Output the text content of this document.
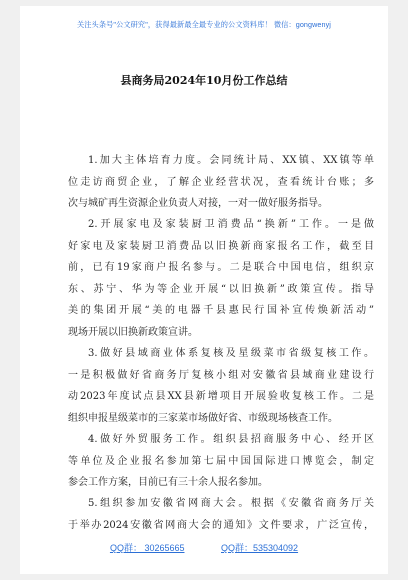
关注头条号"公文研究"，获得最新最全最专业的公文资料库！ 微信：gongwenyj
县商务局2024年10月份工作总结
1.加大主体培育力度。会同统计局、XX镇、XX镇等单
位走访商贸企业，了解企业经营状况，查看统计台账；多
次与城矿再生资源企业负责人对接，一对一做好服务指导。
2.开展家电及家装厨卫消费品“换新”工作。一是做
好家电及家装厨卫消费品以旧换新商家报名工作，截至目
前，已有19家商户报名参与。二是联合中国电信，组织京
东、苏宁、华为等企业开展“以旧换新”政策宣传。指导
美的集团开展“美的电器千县惠民行国补宣传焕新活动”
现场开展以旧换新政策宣讲。
3.做好县域商业体系复核及星级菜市省级复核工作。
一是积极做好省商务厅复核小组对安徽省县域商业建设行
动2023年度试点县XX县新增项目开展验收复核工作。二是
组织申报星级菜市的三家菜市场做好省、市级现场核查工作。
4.做好外贸服务工作。组织县招商服务中心、经开区
等单位及企业报名参加第七届中国国际进口博览会，制定
参会工作方案，目前已有三十余人报名参加。
5.组织参加安徽省网商大会。根据《安徽省商务厅关
于举办2024安徽省网商大会的通知》文件要求，广泛宣传，
QQ群： 30265665	QQ群：535304092
